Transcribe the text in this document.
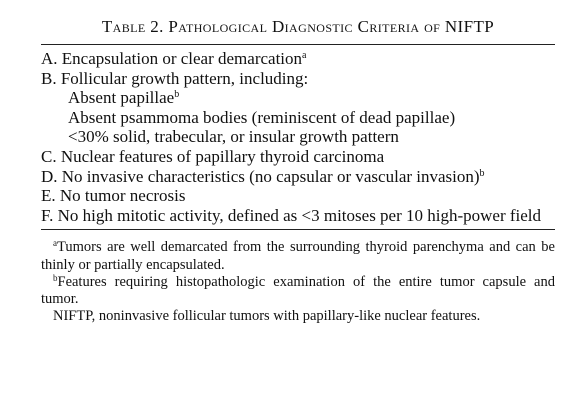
Table 2. Pathological Diagnostic Criteria of NIFTP
A. Encapsulation or clear demarcation$^a$
B. Follicular growth pattern, including:
Absent papillae$^b$
Absent psammoma bodies (reminiscent of dead papillae)
<30% solid, trabecular, or insular growth pattern
C. Nuclear features of papillary thyroid carcinoma
D. No invasive characteristics (no capsular or vascular invasion)$^b$
E. No tumor necrosis
F. No high mitotic activity, defined as <3 mitoses per 10 high-power field
$^a$Tumors are well demarcated from the surrounding thyroid parenchyma and can be thinly or partially encapsulated.
$^b$Features requiring histopathologic examination of the entire tumor capsule and tumor.
NIFTP, noninvasive follicular tumors with papillary-like nuclear features.
